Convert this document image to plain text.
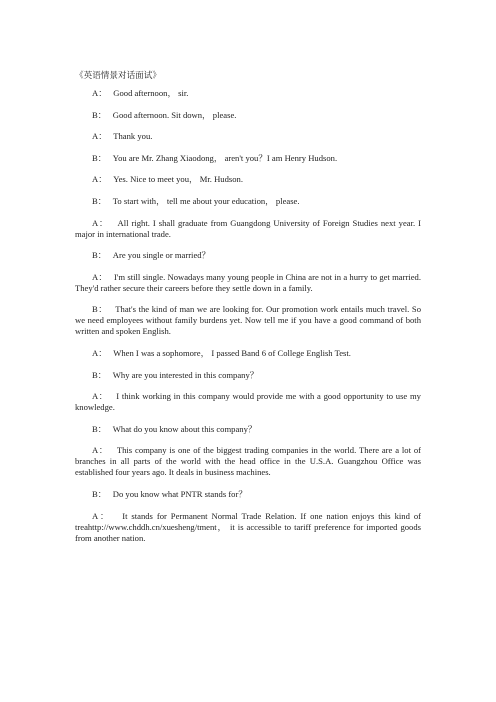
《英语情景对话面试》

A： Good afternoon， sir.

B： Good afternoon. Sit down， please.

A： Thank you.

B： You are Mr. Zhang Xiaodong， aren't you？I am Henry Hudson.

A： Yes. Nice to meet you， Mr. Hudson.

B： To start with， tell me about your education， please.

A： All right. I shall graduate from Guangdong University of Foreign Studies next year. I major in international trade.

B： Are you single or married？

A： I'm still single. Nowadays many young people in China are not in a hurry to get married. They'd rather secure their careers before they settle down in a family.

B： That's the kind of man we are looking for. Our promotion work entails much travel. So we need employees without family burdens yet. Now tell me if you have a good command of both written and spoken English.

A： When I was a sophomore， I passed Band 6 of College English Test.

B： Why are you interested in this company？

A： I think working in this company would provide me with a good opportunity to use my knowledge.

B： What do you know about this company？

A： This company is one of the biggest trading companies in the world. There are a lot of branches in all parts of the world with the head office in the U.S.A. Guangzhou Office was established four years ago. It deals in business machines.

B： Do you know what PNTR stands for？

A： It stands for Permanent Normal Trade Relation. If one nation enjoys this kind of treahttp://www.chddh.cn/xuesheng/tment， it is accessible to tariff preference for imported goods from another nation.
